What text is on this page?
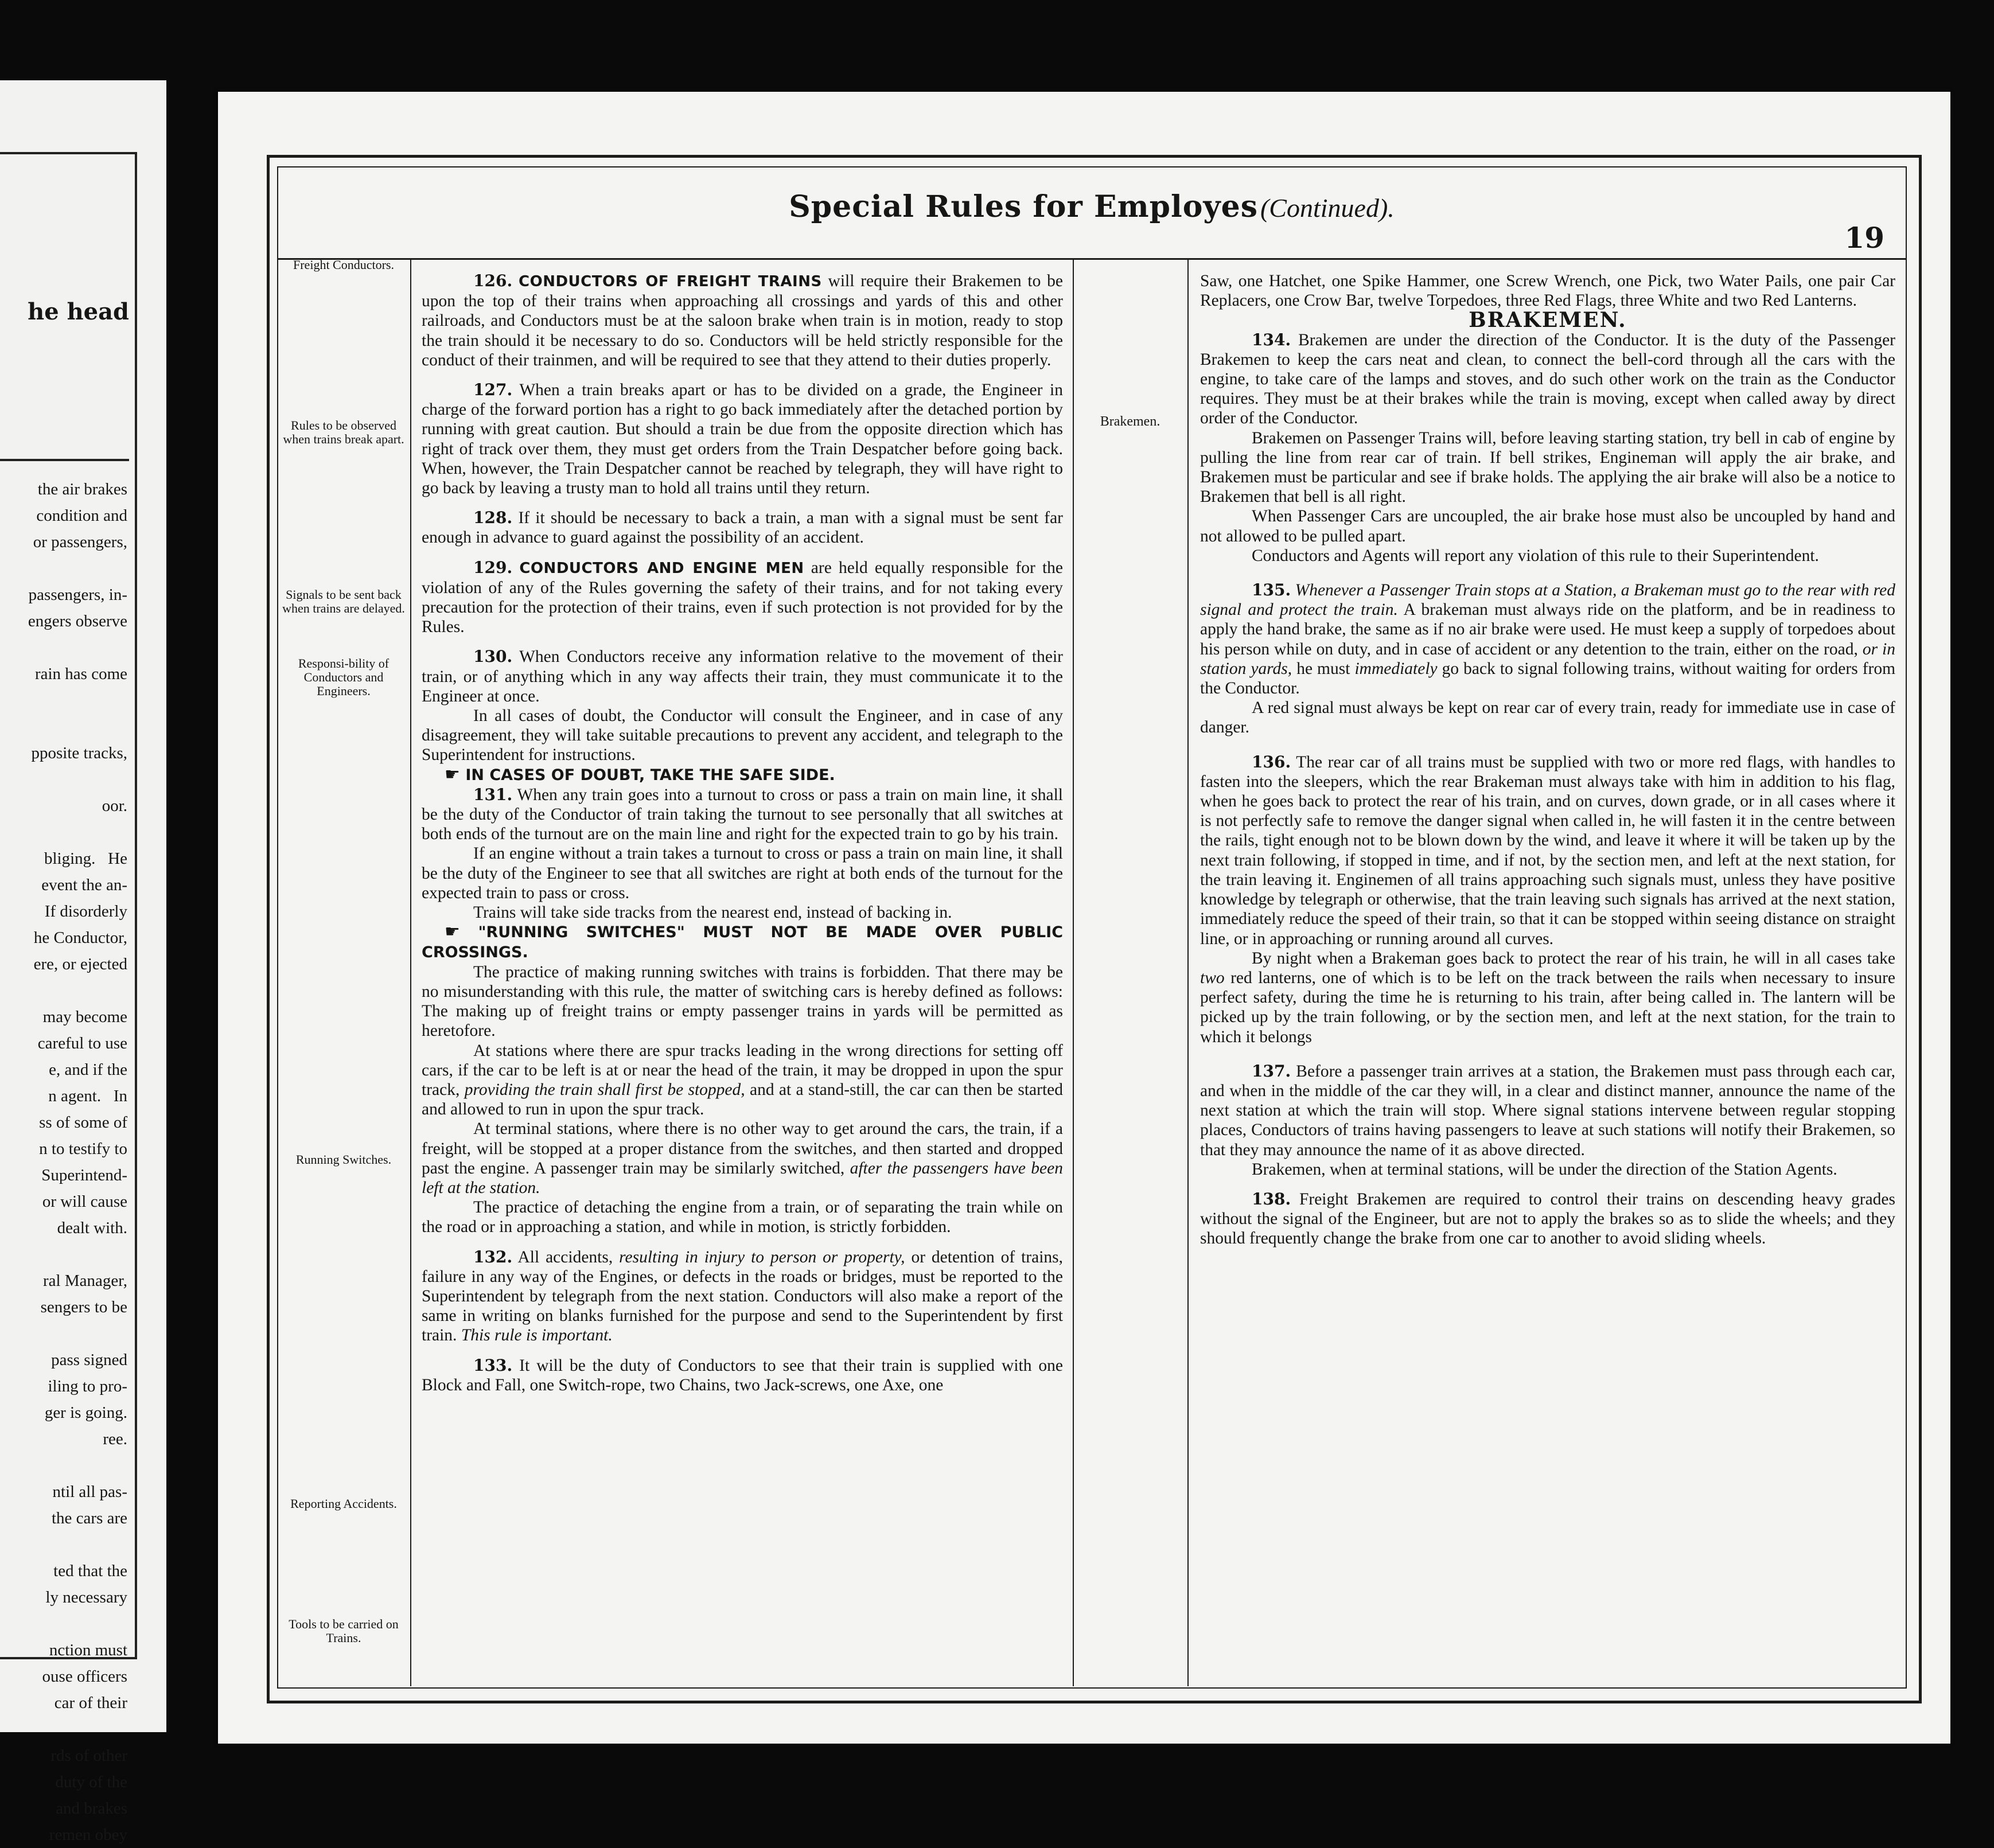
he head
the air brakes
condition and
or passengers,

passengers, in-
engers observe

rain has come

pposite tracks,

oor.

bliging.   He
event the an-
If disorderly
he Conductor,
ere, or ejected

may become
careful to use
e, and if the
n agent.   In
ss of some of
n to testify to
Superintend-
or will cause
dealt with.

ral Manager,
sengers to be

pass signed
iling to pro-
ger is going.
ree.

ntil all pas-
the cars are

ted that the
ly necessary

nction must
ouse officers
car of their

rds of other
duty of the
and brakes
remen obey
Special Rules for Employes (Continued).
19
Freight Conductors.
Rules to be observed when trains break apart.
Signals to be sent back when trains are delayed.
Responsi-bility of Conductors and Engineers.
Running Switches.
Reporting Accidents.
Tools to be carried on Trains.
Brakemen.

126. CONDUCTORS OF FREIGHT TRAINS will require their Brakemen to be upon the top of their trains when approaching all crossings and yards of this and other railroads, and Conductors must be at the saloon brake when train is in motion, ready to stop the train should it be necessary to do so. Conductors will be held strictly responsible for the conduct of their trainmen, and will be required to see that they attend to their duties properly.

127. When a train breaks apart or has to be divided on a grade, the Engineer in charge of the forward portion has a right to go back immediately after the detached portion by running with great caution. But should a train be due from the opposite direction which has right of track over them, they must get orders from the Train Despatcher before going back. When, however, the Train Despatcher cannot be reached by telegraph, they will have right to go back by leaving a trusty man to hold all trains until they return.

128. If it should be necessary to back a train, a man with a signal must be sent far enough in advance to guard against the possibility of an accident.

129. CONDUCTORS AND ENGINE MEN are held equally responsible for the violation of any of the Rules governing the safety of their trains, and for not taking every precaution for the protection of their trains, even if such protection is not provided for by the Rules.

130. When Conductors receive any information relative to the movement of their train, or of anything which in any way affects their train, they must communicate it to the Engineer at once.

In all cases of doubt, the Conductor will consult the Engineer, and in case of any disagreement, they will take suitable precautions to prevent any accident, and telegraph to the Superintendent for instructions.

☛ IN CASES OF DOUBT, TAKE THE SAFE SIDE.

131. When any train goes into a turnout to cross or pass a train on main line, it shall be the duty of the Conductor of train taking the turnout to see personally that all switches at both ends of the turnout are on the main line and right for the expected train to go by his train.

If an engine without a train takes a turnout to cross or pass a train on main line, it shall be the duty of the Engineer to see that all switches are right at both ends of the turnout for the expected train to pass or cross.

Trains will take side tracks from the nearest end, instead of backing in.

☛ "RUNNING SWITCHES" MUST NOT BE MADE OVER PUBLIC CROSSINGS.

The practice of making running switches with trains is forbidden. That there may be no misunderstanding with this rule, the matter of switching cars is hereby defined as follows: The making up of freight trains or empty passenger trains in yards will be permitted as heretofore.

At stations where there are spur tracks leading in the wrong directions for setting off cars, if the car to be left is at or near the head of the train, it may be dropped in upon the spur track, providing the train shall first be stopped, and at a stand-still, the car can then be started and allowed to run in upon the spur track.

At terminal stations, where there is no other way to get around the cars, the train, if a freight, will be stopped at a proper distance from the switches, and then started and dropped past the engine. A passenger train may be similarly switched, after the passengers have been left at the station.

The practice of detaching the engine from a train, or of separating the train while on the road or in approaching a station, and while in motion, is strictly forbidden.

132. All accidents, resulting in injury to person or property, or detention of trains, failure in any way of the Engines, or defects in the roads or bridges, must be reported to the Superintendent by telegraph from the next station. Conductors will also make a report of the same in writing on blanks furnished for the purpose and send to the Superintendent by first train. This rule is important.

133. It will be the duty of Conductors to see that their train is supplied with one Block and Fall, one Switch-rope, two Chains, two Jack-screws, one Axe, one

Saw, one Hatchet, one Spike Hammer, one Screw Wrench, one Pick, two Water Pails, one pair Car Replacers, one Crow Bar, twelve Torpedoes, three Red Flags, three White and two Red Lanterns.

BRAKEMEN.

134. Brakemen are under the direction of the Conductor. It is the duty of the Passenger Brakemen to keep the cars neat and clean, to connect the bell-cord through all the cars with the engine, to take care of the lamps and stoves, and do such other work on the train as the Conductor requires. They must be at their brakes while the train is moving, except when called away by direct order of the Conductor.

Brakemen on Passenger Trains will, before leaving starting station, try bell in cab of engine by pulling the line from rear car of train. If bell strikes, Engineman will apply the air brake, and Brakemen must be particular and see if brake holds. The applying the air brake will also be a notice to Brakemen that bell is all right.

When Passenger Cars are uncoupled, the air brake hose must also be uncoupled by hand and not allowed to be pulled apart.

Conductors and Agents will report any violation of this rule to their Superintendent.

135. Whenever a Passenger Train stops at a Station, a Brakeman must go to the rear with red signal and protect the train. A brakeman must always ride on the platform, and be in readiness to apply the hand brake, the same as if no air brake were used. He must keep a supply of torpedoes about his person while on duty, and in case of accident or any detention to the train, either on the road, or in station yards, he must immediately go back to signal following trains, without waiting for orders from the Conductor.

A red signal must always be kept on rear car of every train, ready for immediate use in case of danger.

136. The rear car of all trains must be supplied with two or more red flags, with handles to fasten into the sleepers, which the rear Brakeman must always take with him in addition to his flag, when he goes back to protect the rear of his train, and on curves, down grade, or in all cases where it is not perfectly safe to remove the danger signal when called in, he will fasten it in the centre between the rails, tight enough not to be blown down by the wind, and leave it where it will be taken up by the next train following, if stopped in time, and if not, by the section men, and left at the next station, for the train leaving it. Enginemen of all trains approaching such signals must, unless they have positive knowledge by telegraph or otherwise, that the train leaving such signals has arrived at the next station, immediately reduce the speed of their train, so that it can be stopped within seeing distance on straight line, or in approaching or running around all curves.

By night when a Brakeman goes back to protect the rear of his train, he will in all cases take two red lanterns, one of which is to be left on the track between the rails when necessary to insure perfect safety, during the time he is returning to his train, after being called in. The lantern will be picked up by the train following, or by the section men, and left at the next station, for the train to which it belongs

137. Before a passenger train arrives at a station, the Brakemen must pass through each car, and when in the middle of the car they will, in a clear and distinct manner, announce the name of the next station at which the train will stop. Where signal stations intervene between regular stopping places, Conductors of trains having passengers to leave at such stations will notify their Brakemen, so that they may announce the name of it as above directed.

Brakemen, when at terminal stations, will be under the direction of the Station Agents.

138. Freight Brakemen are required to control their trains on descending heavy grades without the signal of the Engineer, but are not to apply the brakes so as to slide the wheels; and they should frequently change the brake from one car to another to avoid sliding wheels.
